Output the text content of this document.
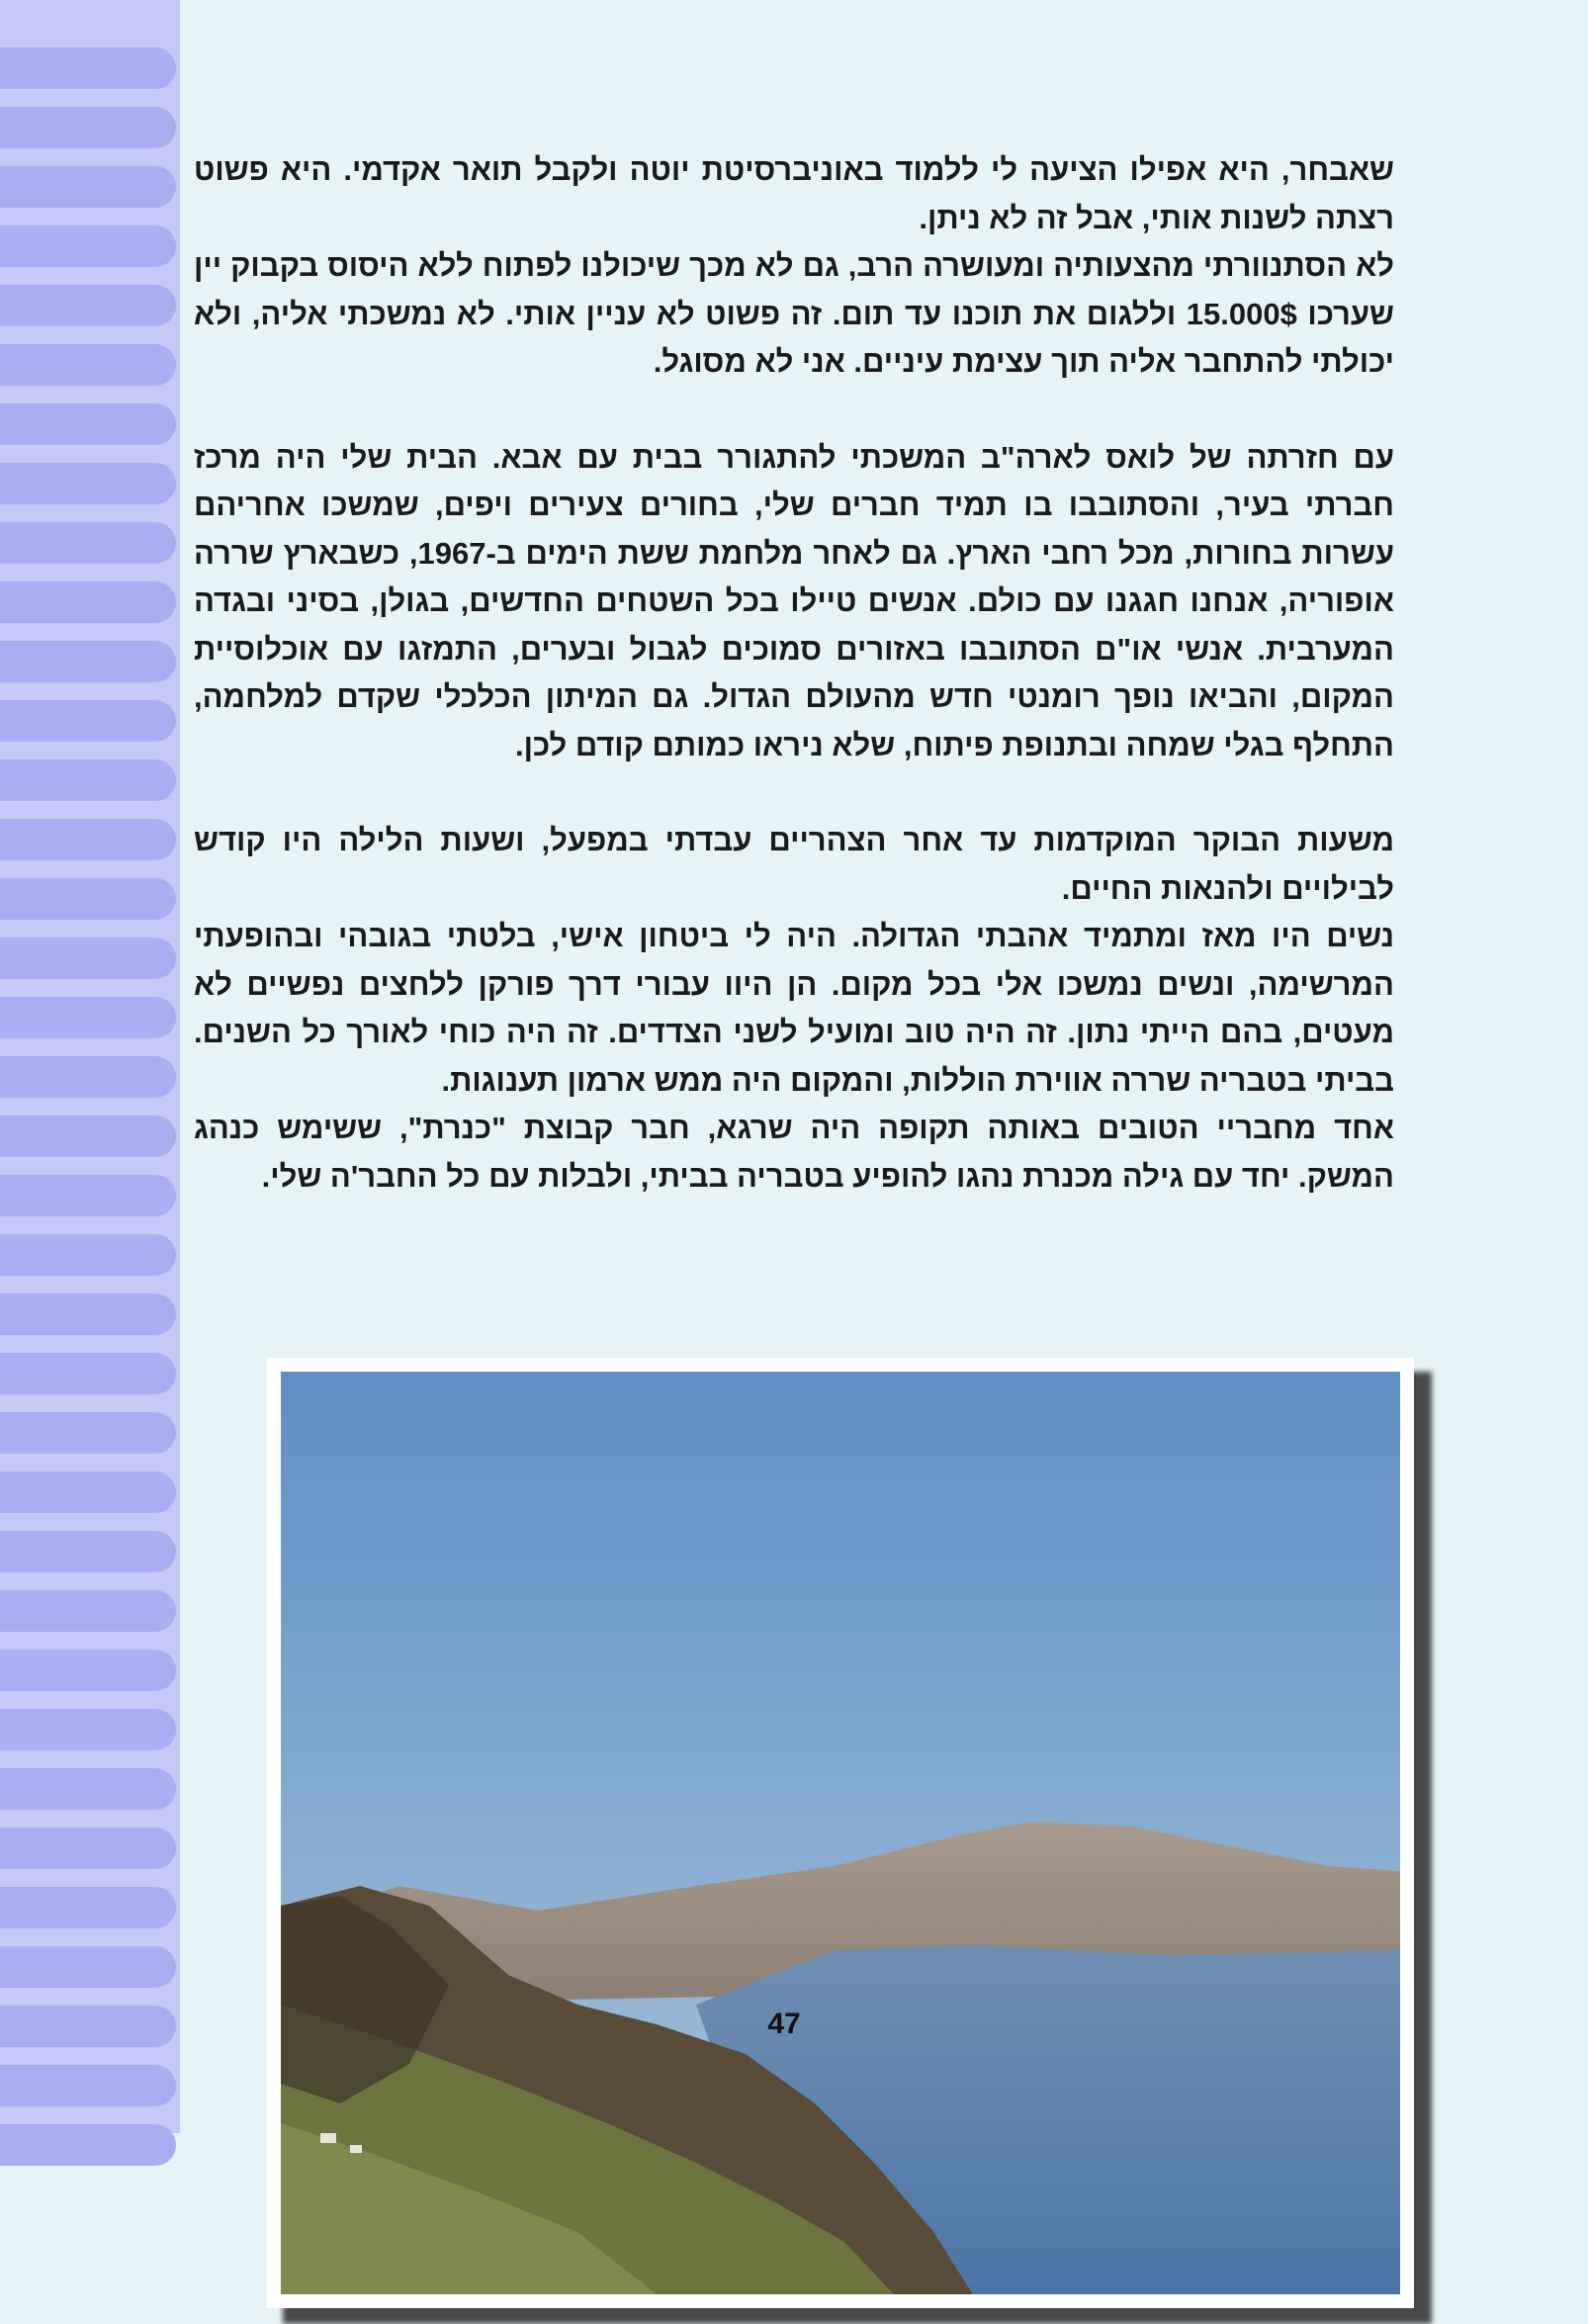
שאבחר, היא אפילו הציעה לי ללמוד באוניברסיטת יוטה ולקבל תואר אקדמי. היא פשוט רצתה לשנות אותי, אבל זה לא ניתן.

לא הסתנוורתי מהצעותיה ומעושרה הרב, גם לא מכך שיכולנו לפתוח ללא היסוס בקבוק יין שערכו 15.000$ וללגום את תוכנו עד תום. זה פשוט לא עניין אותי. לא נמשכתי אליה, ולא יכולתי להתחבר אליה תוך עצימת עיניים. אני לא מסוגל.

עם חזרתה של לואס לארה"ב המשכתי להתגורר בבית עם אבא. הבית שלי היה מרכז חברתי בעיר, והסתובבו בו תמיד חברים שלי, בחורים צעירים ויפים, שמשכו אחריהם עשרות בחורות, מכל רחבי הארץ. גם לאחר מלחמת ששת הימים ב-1967, כשבארץ שררה אופוריה, אנחנו חגגנו עם כולם. אנשים טיילו בכל השטחים החדשים, בגולן, בסיני ובגדה המערבית. אנשי או"ם הסתובבו באזורים סמוכים לגבול ובערים, התמזגו עם אוכלוסיית המקום, והביאו נופך רומנטי חדש מהעולם הגדול. גם המיתון הכלכלי שקדם למלחמה, התחלף בגלי שמחה ובתנופת פיתוח, שלא ניראו כמותם קודם לכן.

משעות הבוקר המוקדמות עד אחר הצהריים עבדתי במפעל, ושעות הלילה היו קודש לבילויים ולהנאות החיים.

נשים היו מאז ומתמיד אהבתי הגדולה. היה לי ביטחון אישי, בלטתי בגובהי ובהופעתי המרשימה, ונשים נמשכו אלי בכל מקום. הן היוו עבורי דרך פורקן ללחצים נפשיים לא מעטים, בהם הייתי נתון. זה היה טוב ומועיל לשני הצדדים. זה היה כוחי לאורך כל השנים. בביתי בטבריה שררה אווירת הוללות, והמקום היה ממש ארמון תענוגות.

אחד מחבריי הטובים באותה תקופה היה שרגא, חבר קבוצת "כנרת", ששימש כנהג המשק. יחד עם גילה מכנרת נהגו להופיע בטבריה בביתי, ולבלות עם כל החבר'ה שלי.

47
